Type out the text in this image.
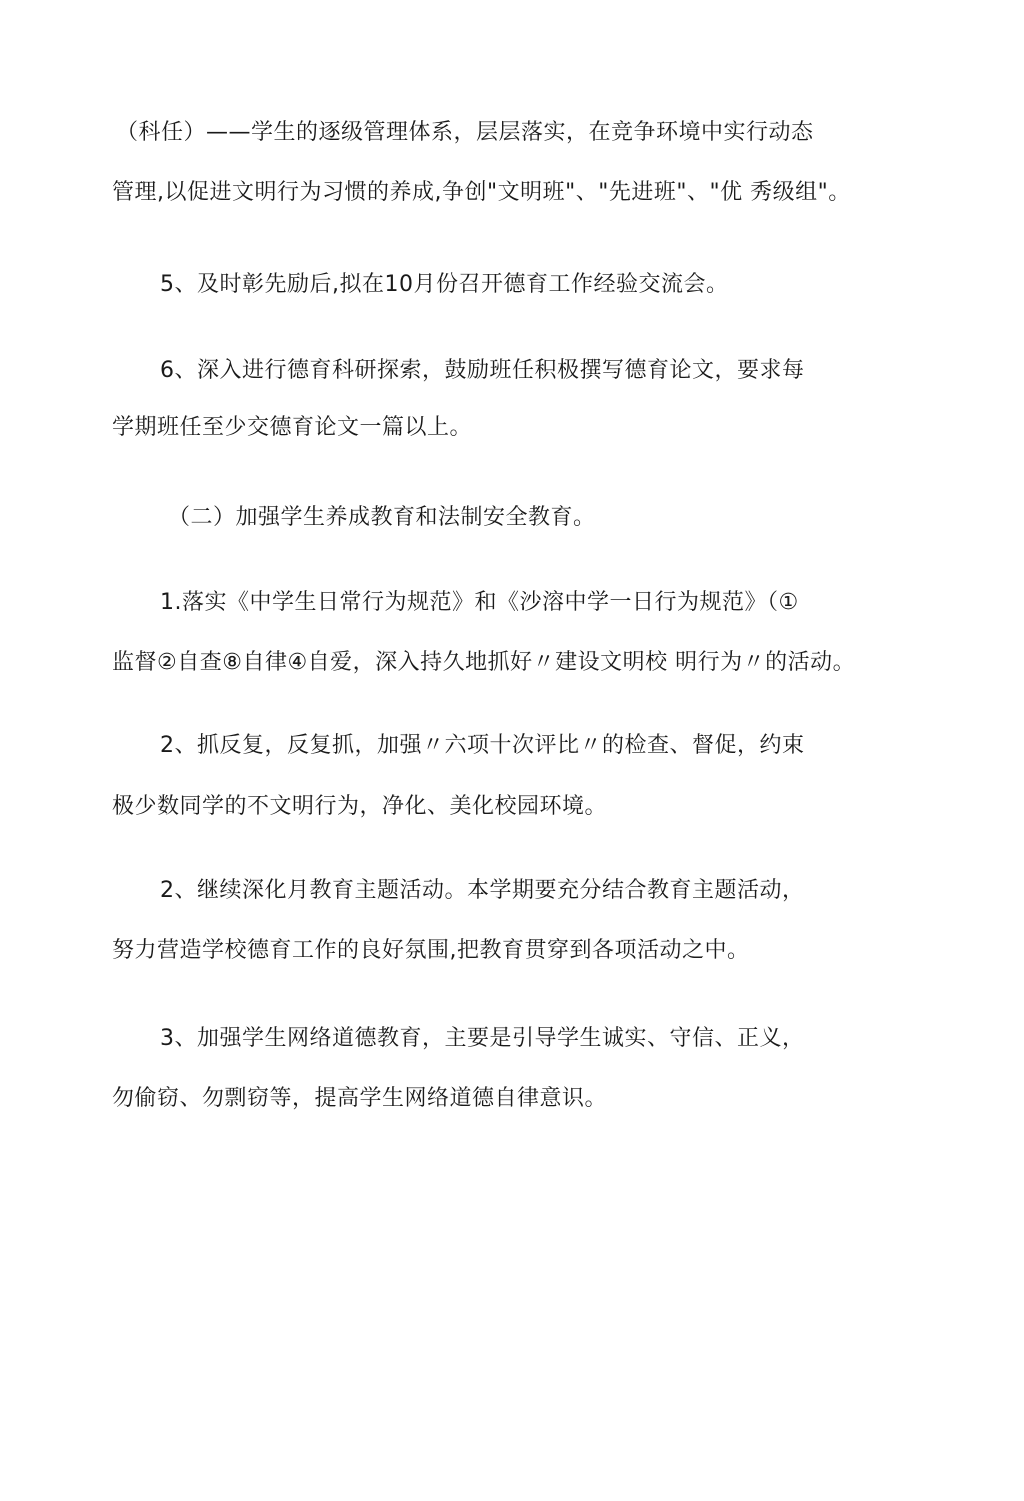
（科任）——学生的逐级管理体系，层层落实，在竞争环境中实行动态
管理,以促进文明行为习惯的养成,争创"文明班"、"先进班"、"优 秀级组"。
5、及时彰先励后,拟在10月份召开德育工作经验交流会。
6、深入进行德育科研探索，鼓励班任积极撰写德育论文，要求每
学期班任至少交德育论文一篇以上。
（二）加强学生养成教育和法制安全教育。
1.落实《中学生日常行为规范》和《沙溶中学一日行为规范》（①
监督②自查⑧自律④自爱，深入持久地抓好〃建设文明校 明行为〃的活动。
2、抓反复，反复抓，加强〃六项十次评比〃的检查、督促，约束
极少数同学的不文明行为，净化、美化校园环境。
2、继续深化月教育主题活动。本学期要充分结合教育主题活动，
努力营造学校德育工作的良好氛围,把教育贯穿到各项活动之中。
3、加强学生网络道德教育，主要是引导学生诚实、守信、正义，
勿偷窃、勿剽窃等，提高学生网络道德自律意识。
